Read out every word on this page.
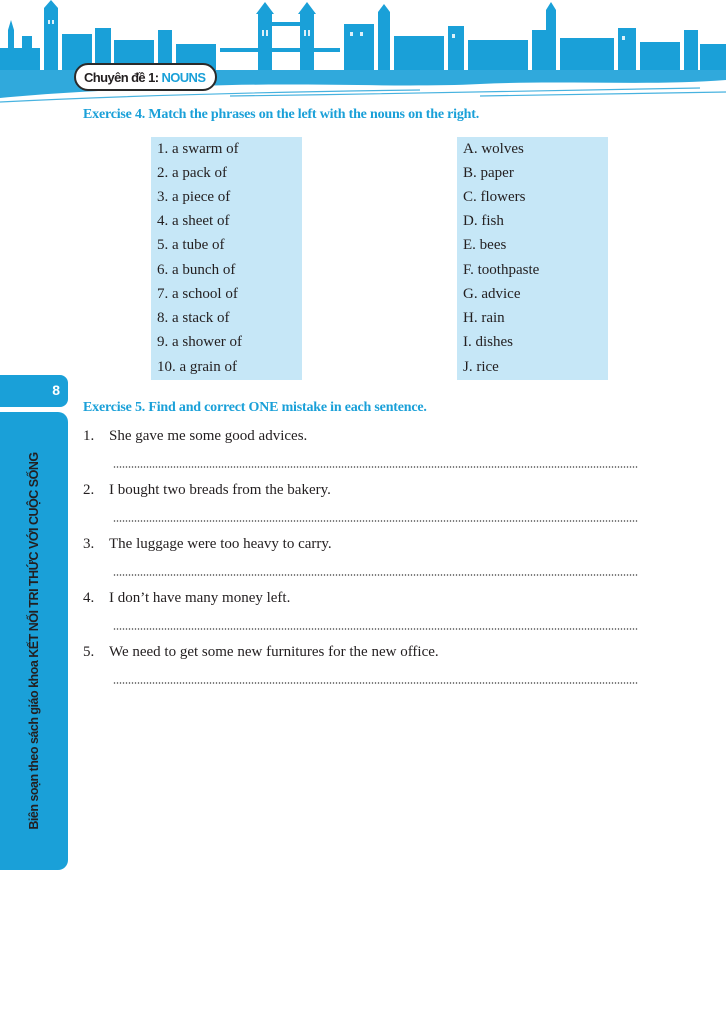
Chuyên đề 1: NOUNS
Exercise 4. Match the phrases on the left with the nouns on the right.
1. a swarm of
2. a pack of
3. a piece of
4. a sheet of
5. a tube of
6. a bunch of
7. a school of
8. a stack of
9. a shower of
10. a grain of
A. wolves
B. paper
C. flowers
D. fish
E. bees
F. toothpaste
G. advice
H. rain
I. dishes
J. rice
8
Biên soạn theo sách giáo khoa KẾT NỐI TRI THỨC VỚI CUỘC SỐNG
Exercise 5. Find and correct ONE mistake in each sentence.
1. She gave me some good advices.
2. I bought two breads from the bakery.
3. The luggage were too heavy to carry.
4. I don’t have many money left.
5. We need to get some new furnitures for the new office.
